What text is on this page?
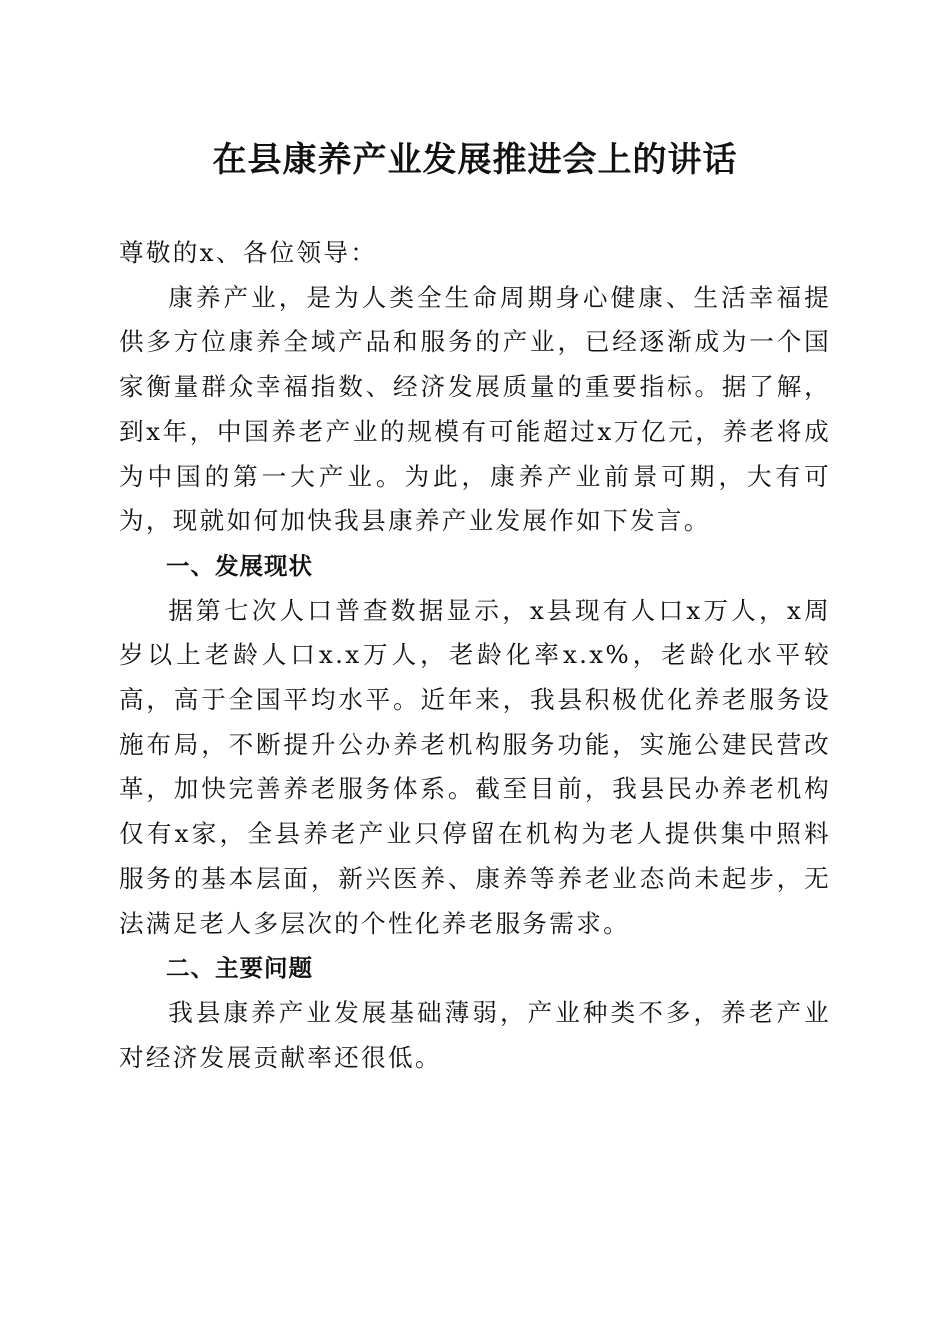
在县康养产业发展推进会上的讲话

尊敬的x、各位领导：

康养产业，是为人类全生命周期身心健康、生活幸福提供多方位康养全域产品和服务的产业，已经逐渐成为一个国家衡量群众幸福指数、经济发展质量的重要指标。据了解，到x年，中国养老产业的规模有可能超过x万亿元，养老将成为中国的第一大产业。为此，康养产业前景可期，大有可为，现就如何加快我县康养产业发展作如下发言。

一、发展现状

据第七次人口普查数据显示，x县现有人口x万人，x周岁以上老龄人口x.x万人，老龄化率x.x%，老龄化水平较高，高于全国平均水平。近年来，我县积极优化养老服务设施布局，不断提升公办养老机构服务功能，实施公建民营改革，加快完善养老服务体系。截至目前，我县民办养老机构仅有x家，全县养老产业只停留在机构为老人提供集中照料服务的基本层面，新兴医养、康养等养老业态尚未起步，无法满足老人多层次的个性化养老服务需求。

二、主要问题

我县康养产业发展基础薄弱，产业种类不多，养老产业对经济发展贡献率还很低。
